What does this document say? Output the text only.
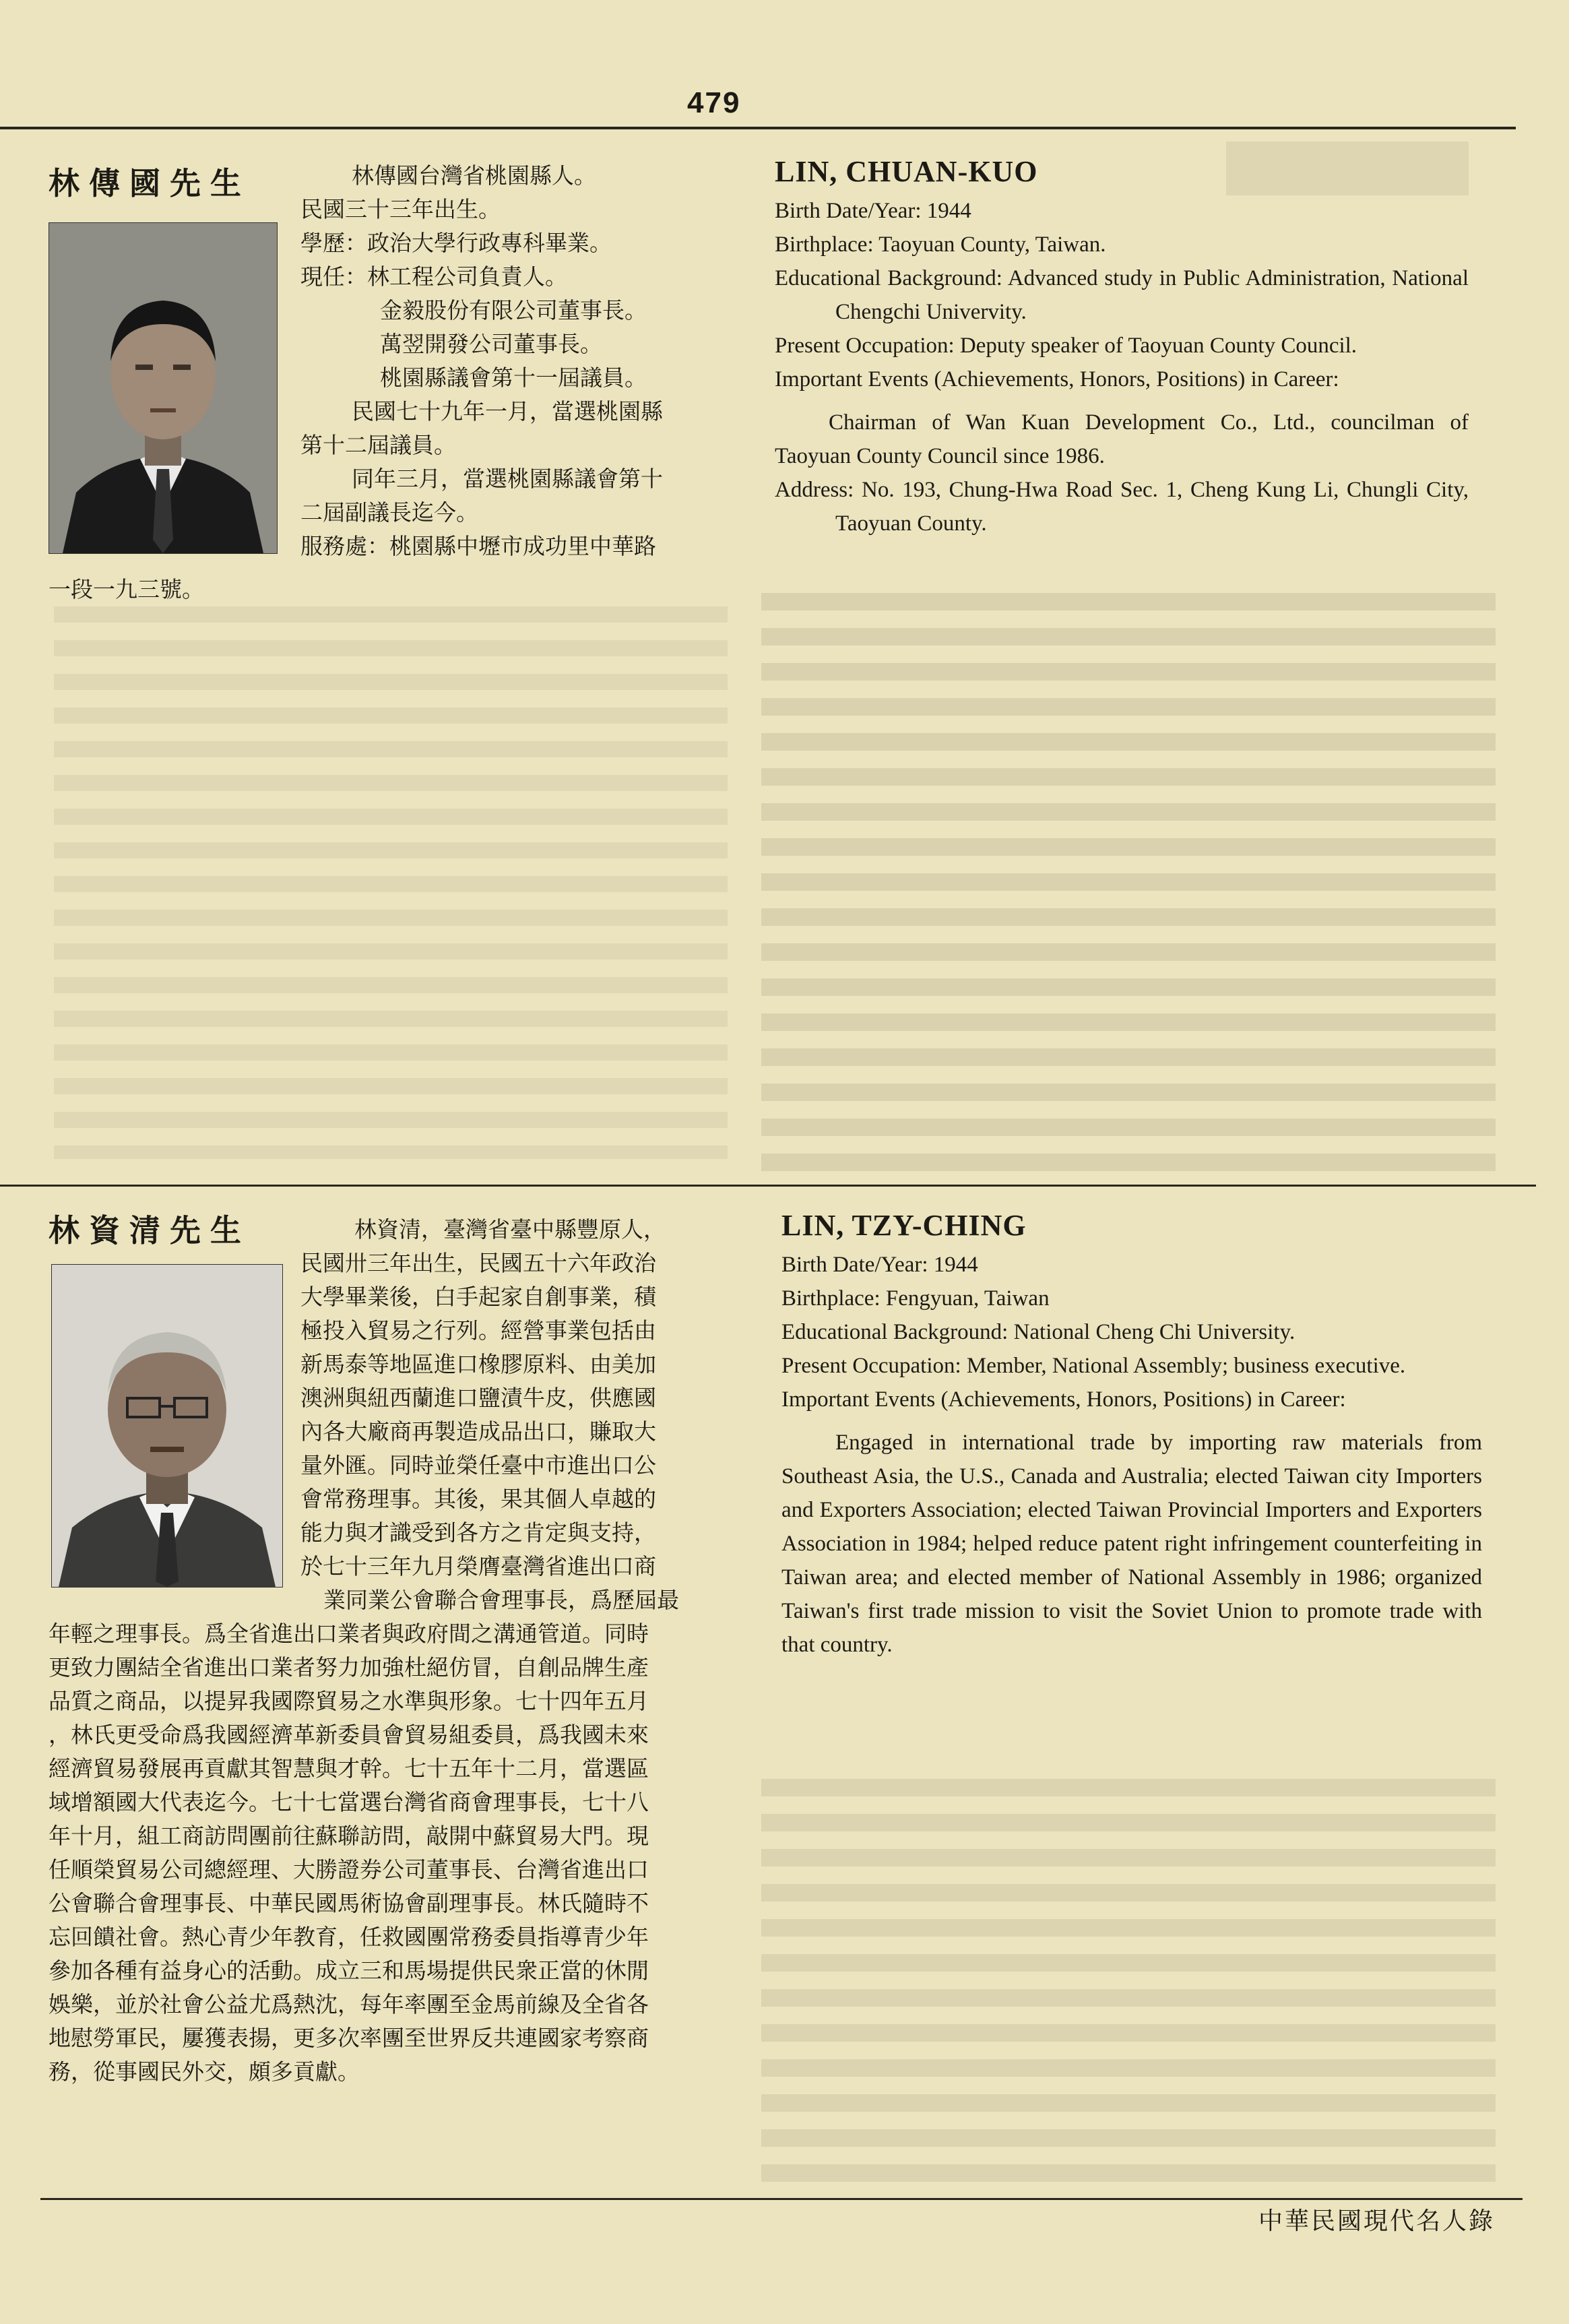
479
林傳國先生
一段一九三號。
林傳國台灣省桃園縣人。
民國三十三年出生。
學歷：政治大學行政專科畢業。
現任：林工程公司負責人。
金毅股份有限公司董事長。
萬翌開發公司董事長。
桃園縣議會第十一屆議員。
民國七十九年一月，當選桃園縣
第十二屆議員。
同年三月，當選桃園縣議會第十
二屆副議長迄今。
服務處：桃園縣中壢市成功里中華路
LIN, CHUAN-KUO

Birth Date/Year: 1944

Birthplace: Taoyuan County, Taiwan.

Educational Background: Advanced study in Public Administration, National Chengchi Univervity.

Present Occupation: Deputy speaker of Taoyuan County Council.

Important Events (Achievements, Honors, Positions) in Career:

Chairman of Wan Kuan Development Co., Ltd., councilman of Taoyuan County Council since 1986.

Address: No. 193, Chung-Hwa Road Sec. 1, Cheng Kung Li, Chungli City, Taoyuan County.

林資清先生	林資清，臺灣省臺中縣豐原人，
民國卅三年出生，民國五十六年政治
大學畢業後，白手起家自創事業，積
極投入貿易之行列。經營事業包括由
新馬泰等地區進口橡膠原料、由美加
澳洲與紐西蘭進口鹽漬牛皮，供應國
內各大廠商再製造成品出口，賺取大
量外匯。同時並榮任臺中市進出口公
會常務理事。其後，果其個人卓越的
能力與才識受到各方之肯定與支持，
於七十三年九月榮膺臺灣省進出口商
業同業公會聯合會理事長，爲歷屆最
年輕之理事長。爲全省進出口業者與政府間之溝通管道。同時
更致力團結全省進出口業者努力加強杜絕仿冒，自創品牌生產
品質之商品，以提昇我國際貿易之水準與形象。七十四年五月
，林氏更受命爲我國經濟革新委員會貿易組委員，爲我國未來
經濟貿易發展再貢獻其智慧與才幹。七十五年十二月，當選區
域增額國大代表迄今。七十七當選台灣省商會理事長，七十八
年十月，組工商訪問團前往蘇聯訪問，敲開中蘇貿易大門。現
任順榮貿易公司總經理、大勝證券公司董事長、台灣省進出口
公會聯合會理事長、中華民國馬術協會副理事長。林氏隨時不
忘回饋社會。熱心青少年教育，任救國團常務委員指導青少年
參加各種有益身心的活動。成立三和馬場提供民衆正當的休閒
娛樂，並於社會公益尤爲熱沈，每年率團至金馬前線及全省各
地慰勞軍民，屢獲表揚，更多次率團至世界反共連國家考察商
務，從事國民外交，頗多貢獻。
LIN, TZY-CHING

Birth Date/Year: 1944

Birthplace: Fengyuan, Taiwan

Educational Background: National Cheng Chi University.

Present Occupation: Member, National Assembly; business executive.

Important Events (Achievements, Honors, Positions) in Career:

Engaged in international trade by importing raw materials from Southeast Asia, the U.S., Canada and Australia; elected Taiwan city Importers and Exporters Association; elected Taiwan Provincial Importers and Exporters Association in 1984; helped reduce patent right infringement counterfeiting in Taiwan area; and elected member of National Assembly in 1986; organized Taiwan's first trade mission to visit the Soviet Union to promote trade with that country.

中華民國現代名人錄
